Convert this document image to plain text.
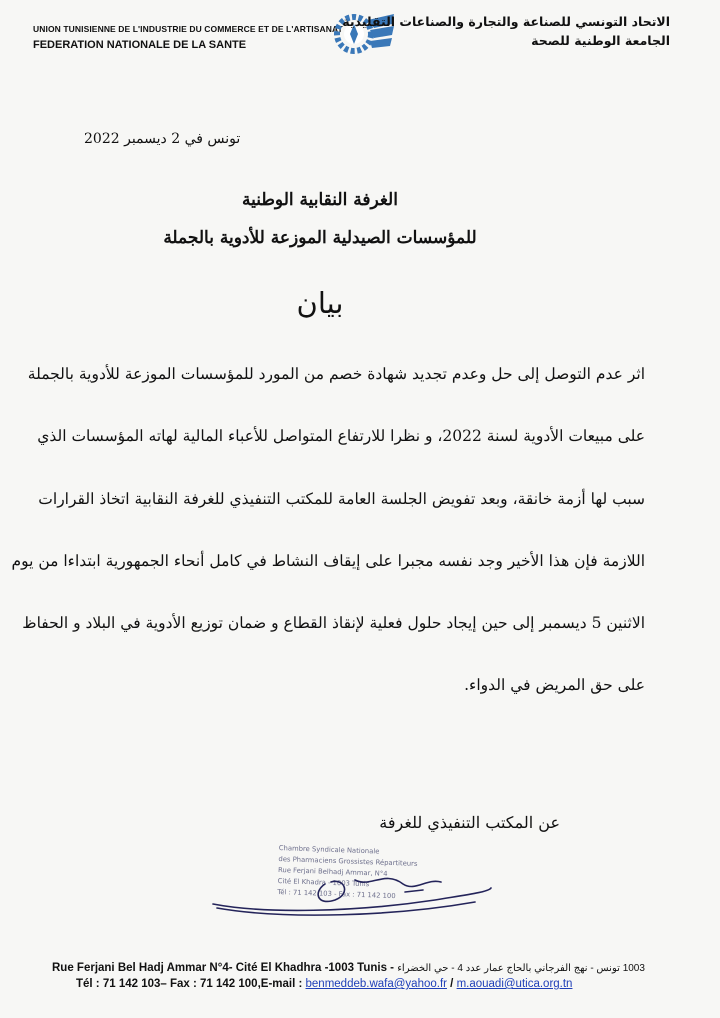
UNION TUNISIENNE DE L'INDUSTRIE DU COMMERCE ET DE L'ARTISANAT
FEDERATION NATIONALE DE LA SANTE
الاتحاد التونسي للصناعة والتجارة والصناعات التقليدية
الجامعة الوطنية للصحة
تونس في 2 ديسمبر 2022
الغرفة النقابية الوطنية
للمؤسسات الصيدلية الموزعة للأدوية بالجملة
بيان
اثر عدم التوصل إلى حل وعدم تجديد شهادة خصم من المورد للمؤسسات الموزعة للأدوية بالجملة
على مبيعات الأدوية لسنة 2022، و نظرا للارتفاع المتواصل للأعباء المالية لهاته المؤسسات الذي
سبب لها أزمة خانقة، وبعد تفويض الجلسة العامة للمكتب التنفيذي للغرفة النقابية اتخاذ القرارات
اللازمة فإن هذا الأخير وجد نفسه مجبرا على إيقاف النشاط في كامل أنحاء الجمهورية ابتداءا من يوم
الاثنين 5 ديسمبر إلى حين إيجاد حلول فعلية لإنقاذ القطاع و ضمان توزيع الأدوية في البلاد و الحفاظ
على حق المريض في الدواء.
عن المكتب التنفيذي للغرفة
Chambre Syndicale Nationale
des Pharmaciens Grossistes Répartiteurs
Rue Ferjani Belhadj Ammar, N°4
Cité El Khadra - 1003 Tunis
Tél : 71 142 103 - Fax : 71 142 100
Rue Ferjani Bel Hadj Ammar N°4- Cité El Khadhra -1003 Tunis - 1003 تونس - نهج الفرجاني بالحاج عمار عدد 4 - حي الخضراء
Tél : 71 142 103– Fax : 71 142 100,E-mail : benmeddeb.wafa@yahoo.fr / m.aouadi@utica.org.tn
